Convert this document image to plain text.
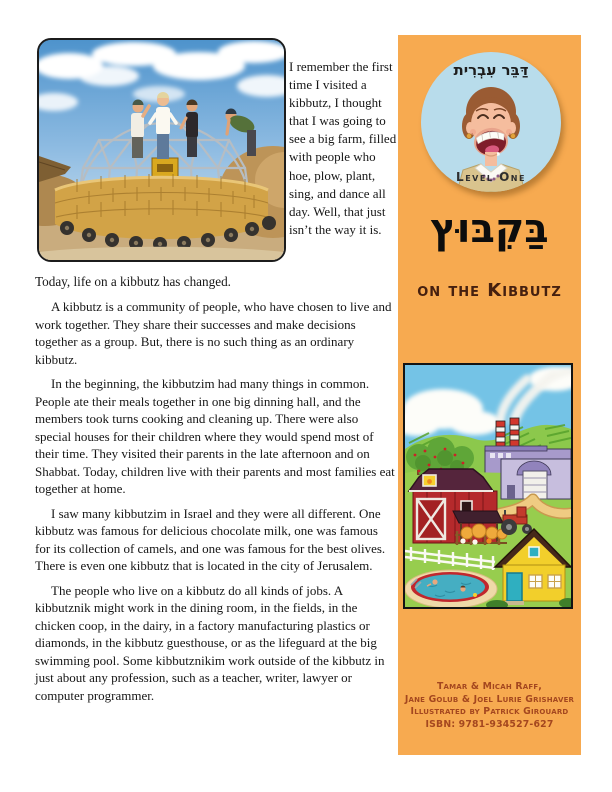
I remember the first time I visited a kibbutz, I thought that I was going to see a big farm, filled with people who hoe, plow, plant, sing, and dance all day. Well, that just isn’t the way it is.
Today, life on a kibbutz has changed.

A kibbutz is a community of people, who have chosen to live and work together. They share their successes and make decisions together as a group. But, there is no such thing as an ordinary kibbutz.

In the beginning, the kibbutzim had many things in common. People ate their meals together in one big dinning hall, and the members took turns cooking and cleaning up. There were also special houses for their children where they would spend most of their time. They visited their parents in the late afternoon and on Shabbat. Today, children live with their parents and most families eat together at home.

I saw many kibbutzim in Israel and they were all different. One kibbutz was famous for delicious chocolate milk, one was famous for its collection of camels, and one was famous for the best olives. There is even one kibbutz that is located in the city of Jerusalem.

The people who live on a kibbutz do all kinds of jobs. A kibbutznik might work in the dining room, in the fields, in the chicken coop, in the dairy, in a factory manufacturing plastics or diamonds, in the kibbutz guesthouse, or as the lifeguard at the big swimming pool. Some kibbutznikim work outside of the kibbutz in just about any profession, such as a teacher, writer, lawyer or computer programmer.

דַּבֵּר עִבְרִית
Level One
בַּקִבּוּץ
on the Kibbutz
Tamar & Micah Raff,
Jane Golub & Joel Lurie Grishaver
Illustrated by Patrick Girouard
ISBN: 9781-934527-627
